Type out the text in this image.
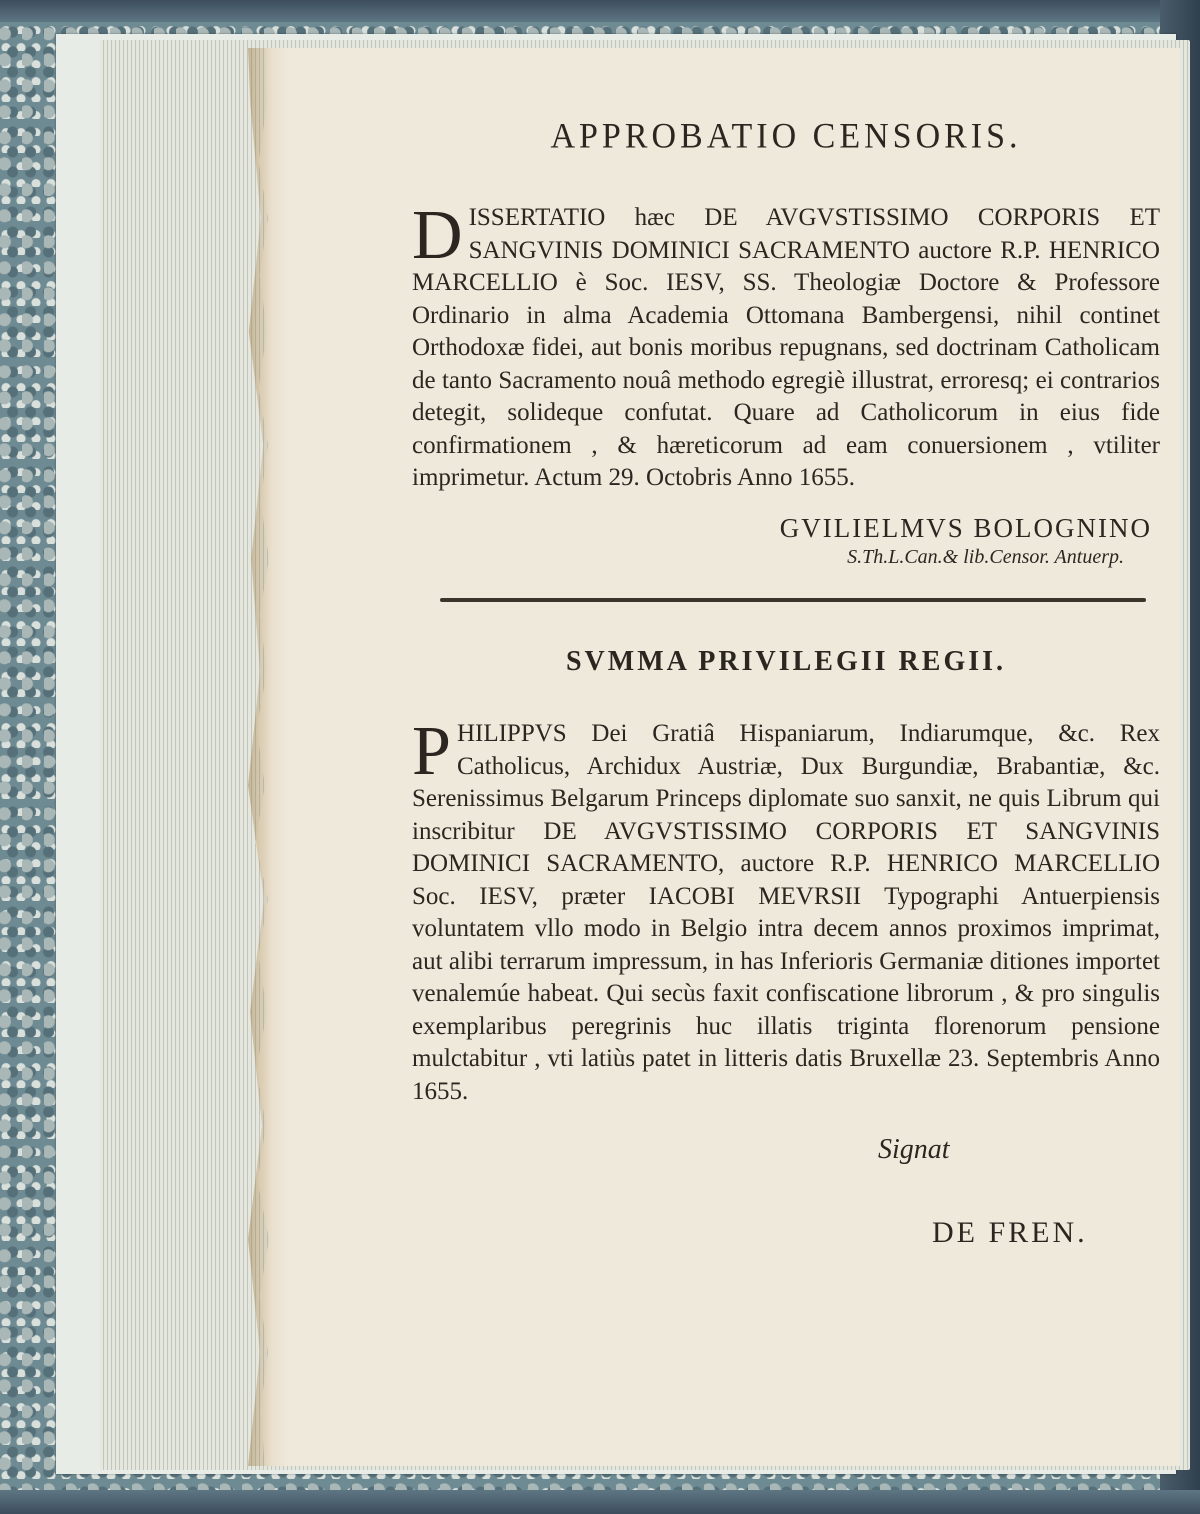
APPROBATIO CENSORIS.

DISSERTATIO hæc DE AVGVSTISSIMO CORPORIS ET SANGVINIS DOMINICI SACRAMENTO auctore R.P. HENRICO MARCELLIO è Soc. IESV, SS. Theologiæ Doctore & Professore Ordinario in alma Academia Ottomana Bambergensi, nihil continet Orthodoxæ fidei, aut bonis moribus repugnans, sed doctrinam Catholicam de tanto Sacramento nouâ methodo egregiè illustrat, erroresq; ei contrarios detegit, solideque confutat. Quare ad Catholicorum in eius fide confirmationem , & hæreticorum ad eam conuersionem , vtiliter imprimetur. Actum 29. Octobris Anno 1655.

GVILIELMVS BOLOGNINO
S.Th.L.Can.& lib.Censor. Antuerp.
SVMMA PRIVILEGII REGII.

PHILIPPVS Dei Gratiâ Hispaniarum, Indiarumque, &c. Rex Catholicus, Archidux Austriæ, Dux Burgundiæ, Brabantiæ, &c. Serenissimus Belgarum Princeps diplomate suo sanxit, ne quis Librum qui inscribitur DE AVGVSTISSIMO CORPORIS ET SANGVINIS DOMINICI SACRAMENTO, auctore R.P. HENRICO MARCELLIO Soc. IESV, præter IACOBI MEVRSII Typographi Antuerpiensis voluntatem vllo modo in Belgio intra decem annos proximos imprimat, aut alibi terrarum impressum, in has Inferioris Germaniæ ditiones importet venalemúe habeat. Qui secùs faxit confiscatione librorum , & pro singulis exemplaribus peregrinis huc illatis triginta florenorum pensione mulctabitur , vti latiùs patet in litteris datis Bruxellæ 23. Septembris Anno 1655.

Signat
DE FREN.
